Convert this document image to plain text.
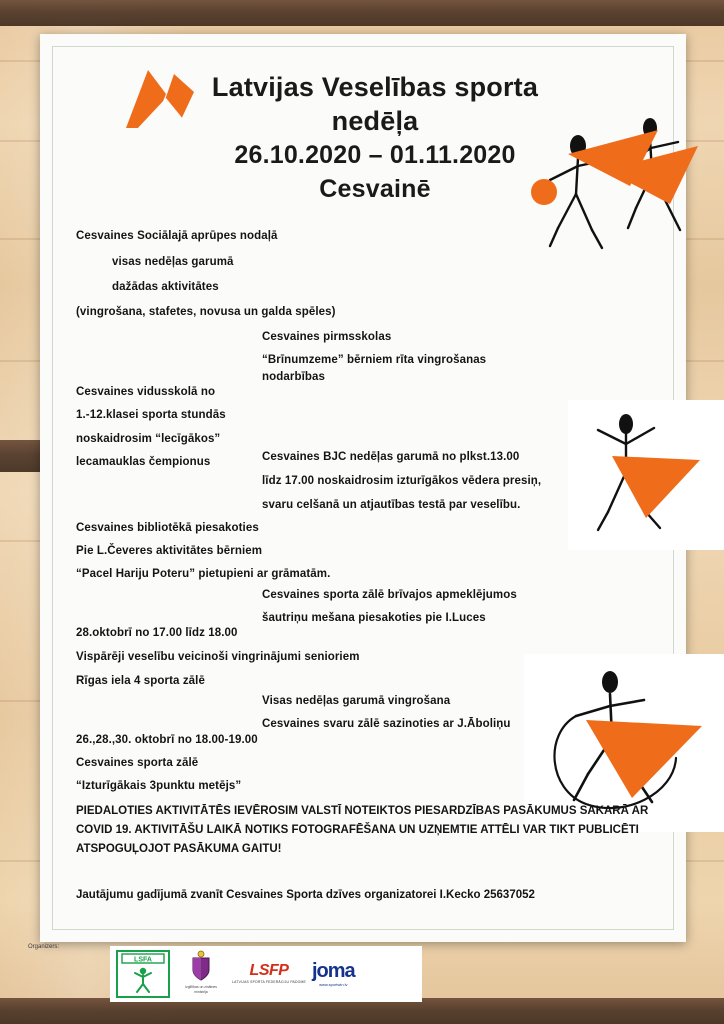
Latvijas Veselības sporta
nedēļa
26.10.2020 – 01.11.2020
Cesvainē
Cesvaines Sociālajā aprūpes nodaļā
visas nedēļas garumā
dažādas aktivitātes
(vingrošana, stafetes, novusa un galda spēles)
Cesvaines pirmsskolas
“Brīnumzeme” bērniem rīta vingrošanas
nodarbības
Cesvaines vidusskolā no
1.-12.klasei sporta stundās
noskaidrosim “lecīgākos”
lecamauklas čempionus	Cesvaines BJC nedēļas garumā no plkst.13.00
līdz 17.00 noskaidrosim izturīgākos vēdera presiņ,
svaru celšanā un atjautības testā par veselību.
Cesvaines bibliotēkā piesakoties
Pie L.Čeveres aktivitātes bērniem
“Pacel Hariju Poteru” pietupieni ar grāmatām.
Cesvaines sporta zālē brīvajos apmeklējumos
šautriņu mešana piesakoties pie I.Luces
28.oktobrī no 17.00 līdz 18.00
Vispārēji veselību veicinoši vingrinājumi senioriem
Rīgas iela 4 sporta zālē
Visas nedēļas garumā vingrošana
Cesvaines svaru zālē sazinoties ar J.Āboliņu
26.,28.,30. oktobrī no 18.00-19.00
Cesvaines sporta zālē
“Izturīgākais 3punktu metējs”
PIEDALOTIES AKTIVITĀTĒS IEVĒROSIM VALSTĪ NOTEIKTOS PIESARDZĪBAS PASĀKUMUS SAKARĀ AR COVID 19. AKTIVITĀŠU LAIKĀ NOTIKS FOTOGRAFĒŠANA UN UZŅEMTIE ATTĒLI VAR TIKT PUBLICĒTI ATSPOGUĻOJOT PASĀKUMA GAITU!
Jautājumu gadījumā zvanīt Cesvaines Sporta dzīves organizatorei I.Kecko 25637052
Organizers:
LSFA
Izglītības un zinātnes
ministrija
LSFP
LATVIJAS SPORTA FEDERĀCIJU PADOME
joma
www.sportwin.lv
